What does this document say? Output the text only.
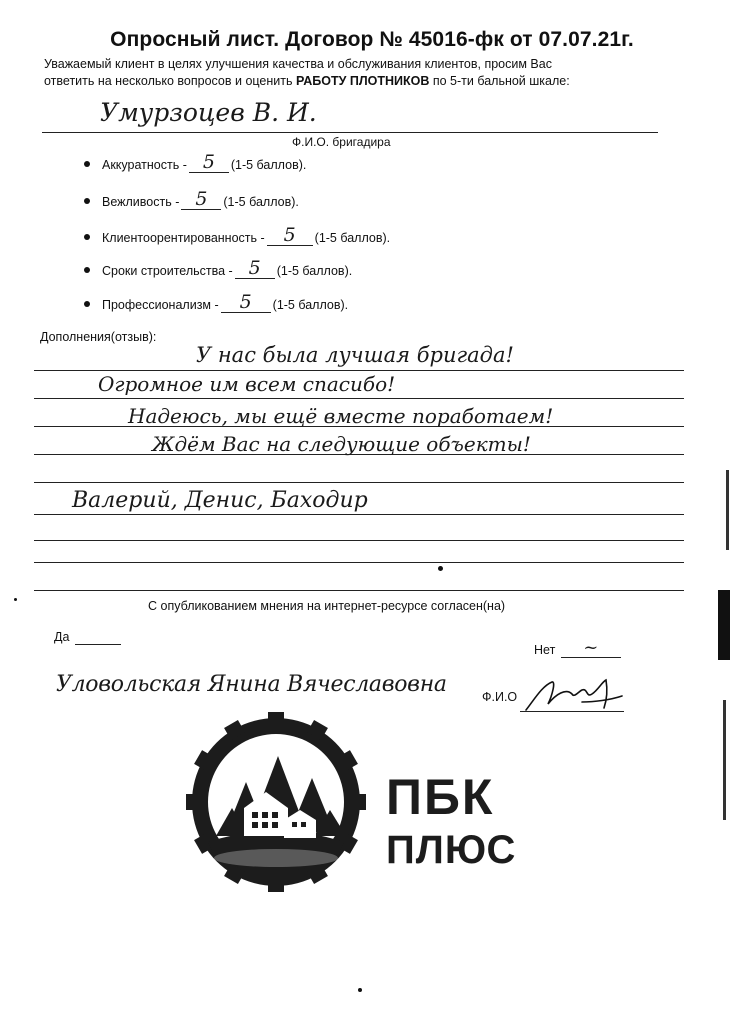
Опросный лист. Договор № 45016-фк от 07.07.21г.
Уважаемый клиент в целях улучшения качества и обслуживания клиентов, просим Вас
ответить на несколько вопросов и оценить РАБОТУ ПЛОТНИКОВ по 5-ти бальной шкале:
Умурзоцев В. И.
Ф.И.О. бригадира
Аккуратность - 5
	(1-5 баллов).
Вежливость - 5
	(1-5 баллов).
Клиентоорентированность - 5
	(1-5 баллов).
Сроки строительства - 5
	(1-5 баллов).
Профессионализм -	5
	(1-5 баллов).
Дополнения(отзыв):
У нас была лучшая бригада!
Огромное им всем спасибо!
Надеюсь, мы ещё вместе поработаем!
Ждём Вас на следующие объекты!
Валерий, Денис, Баходир
С опубликованием мнения на интернет-ресурсе согласен(на)
Да
Нет	~

Уловольская Янина Вячеславовна	Ф.И.О
ПБК
ПЛЮС
